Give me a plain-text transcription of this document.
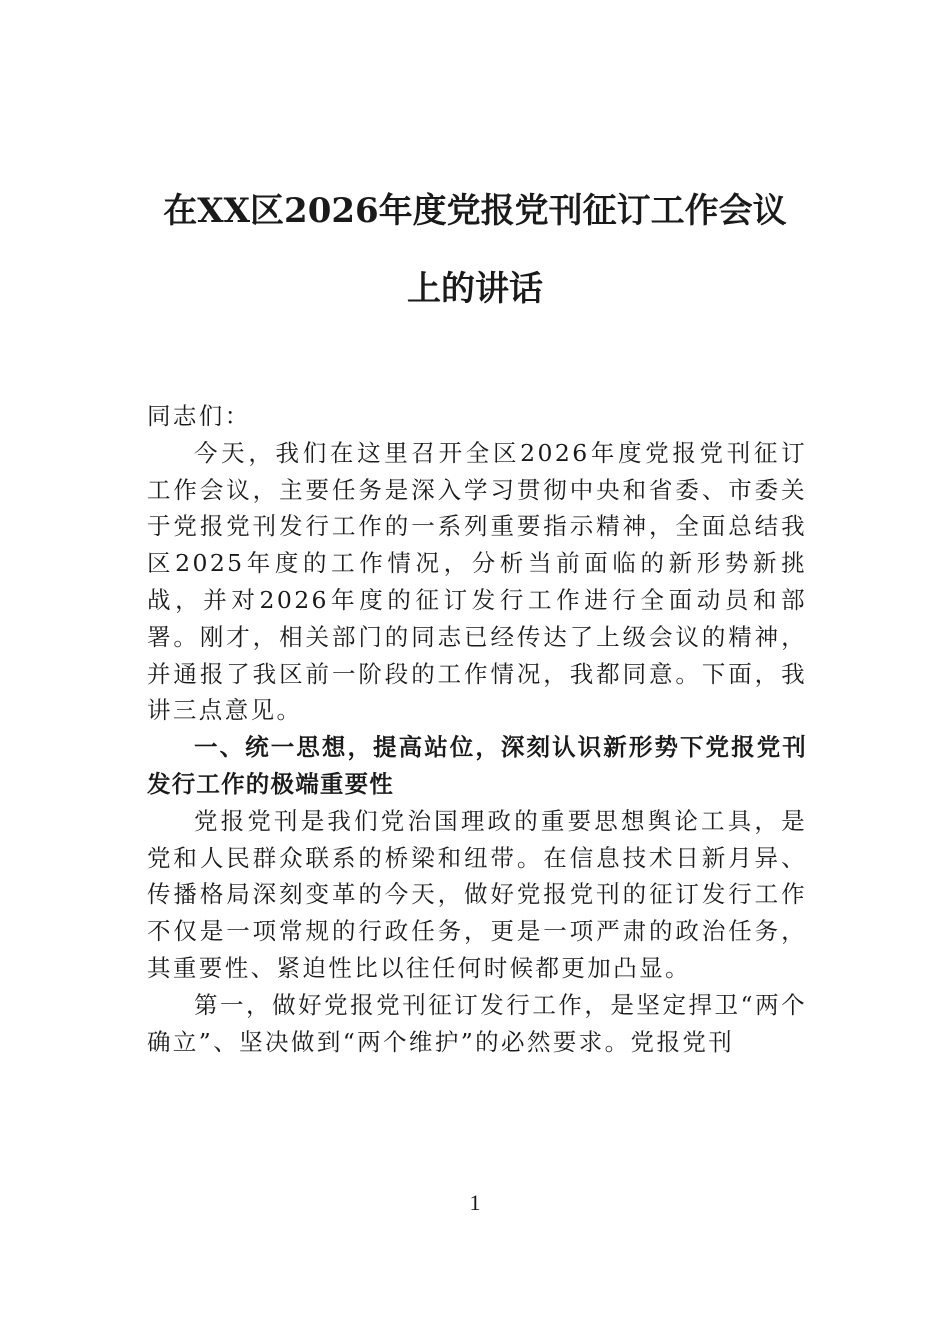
在XX区2026年度党报党刊征订工作会议
上的讲话

同志们：

今天，我们在这里召开全区2026年度党报党刊征订工作会议，主要任务是深入学习贯彻中央和省委、市委关于党报党刊发行工作的一系列重要指示精神，全面总结我区2025年度的工作情况，分析当前面临的新形势新挑战，并对2026年度的征订发行工作进行全面动员和部署。刚才，相关部门的同志已经传达了上级会议的精神，并通报了我区前一阶段的工作情况，我都同意。下面，我讲三点意见。

一、统一思想，提高站位，深刻认识新形势下党报党刊发行工作的极端重要性

党报党刊是我们党治国理政的重要思想舆论工具，是党和人民群众联系的桥梁和纽带。在信息技术日新月异、传播格局深刻变革的今天，做好党报党刊的征订发行工作不仅是一项常规的行政任务，更是一项严肃的政治任务，其重要性、紧迫性比以往任何时候都更加凸显。

第一，做好党报党刊征订发行工作，是坚定捍卫“两个确立”、坚决做到“两个维护”的必然要求。党报党刊

1
